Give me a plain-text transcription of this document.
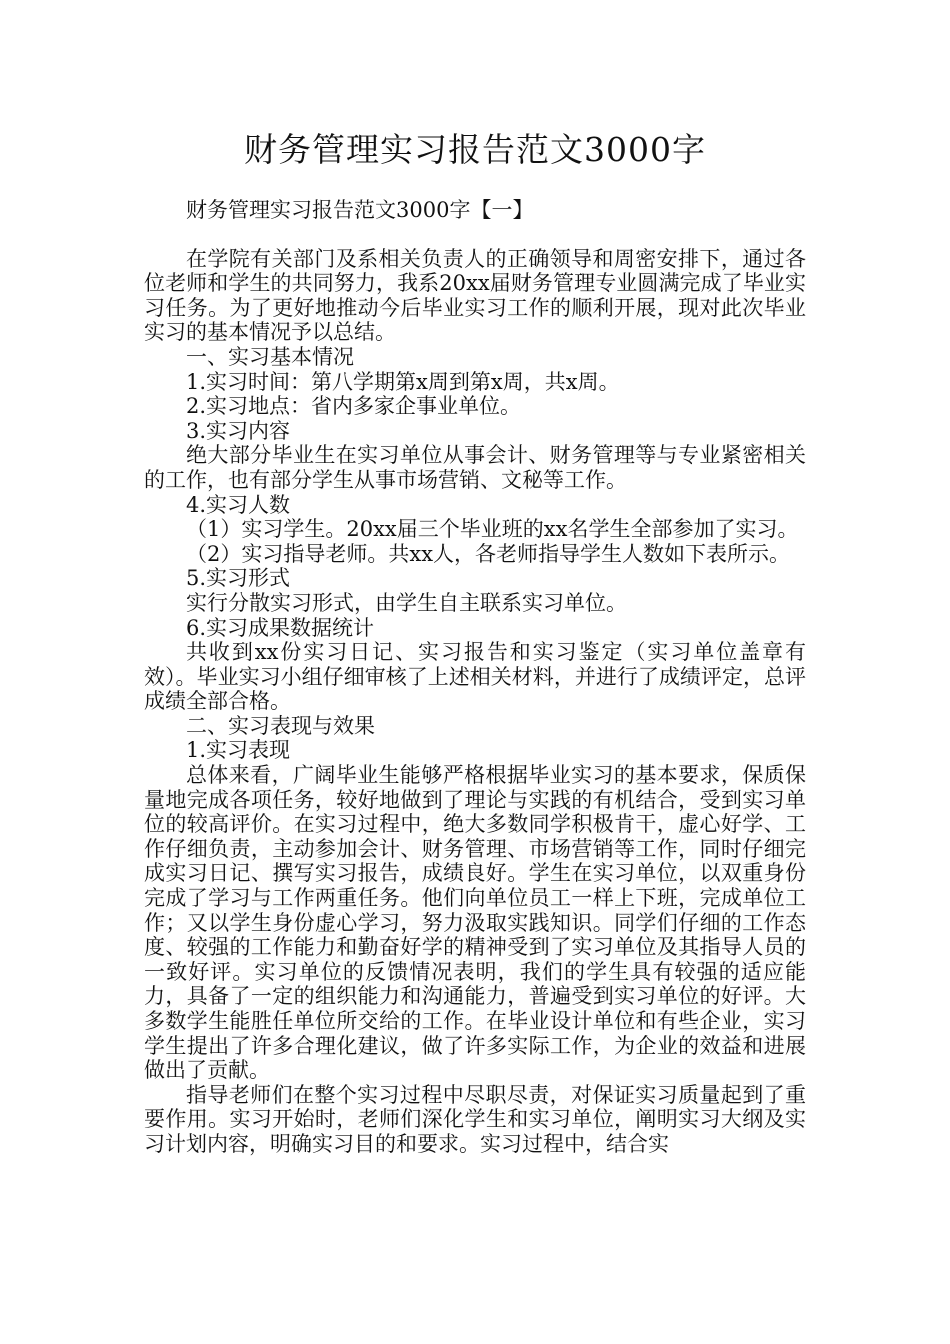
财务管理实习报告范文3000字

财务管理实习报告范文3000字【一】

在学院有关部门及系相关负责人的正确领导和周密安排下，通过各位老师和学生的共同努力，我系20xx届财务管理专业圆满完成了毕业实习任务。为了更好地推动今后毕业实习工作的顺利开展，现对此次毕业实习的基本情况予以总结。

一、实习基本情况

1.实习时间：第八学期第x周到第x周，共x周。

2.实习地点：省内多家企事业单位。

3.实习内容

绝大部分毕业生在实习单位从事会计、财务管理等与专业紧密相关的工作，也有部分学生从事市场营销、文秘等工作。

4.实习人数

（1）实习学生。20xx届三个毕业班的xx名学生全部参加了实习。

（2）实习指导老师。共xx人，各老师指导学生人数如下表所示。

5.实习形式

实行分散实习形式，由学生自主联系实习单位。

6.实习成果数据统计

共收到xx份实习日记、实习报告和实习鉴定（实习单位盖章有效）。毕业实习小组仔细审核了上述相关材料，并进行了成绩评定，总评成绩全部合格。

二、实习表现与效果

1.实习表现

总体来看，广阔毕业生能够严格根据毕业实习的基本要求，保质保量地完成各项任务，较好地做到了理论与实践的有机结合，受到实习单位的较高评价。在实习过程中，绝大多数同学积极肯干，虚心好学、工作仔细负责，主动参加会计、财务管理、市场营销等工作，同时仔细完成实习日记、撰写实习报告，成绩良好。学生在实习单位，以双重身份完成了学习与工作两重任务。他们向单位员工一样上下班，完成单位工作；又以学生身份虚心学习，努力汲取实践知识。同学们仔细的工作态度、较强的工作能力和勤奋好学的精神受到了实习单位及其指导人员的一致好评。实习单位的反馈情况表明，我们的学生具有较强的适应能力，具备了一定的组织能力和沟通能力，普遍受到实习单位的好评。大多数学生能胜任单位所交给的工作。在毕业设计单位和有些企业，实习学生提出了许多合理化建议，做了许多实际工作，为企业的效益和进展做出了贡献。

指导老师们在整个实习过程中尽职尽责，对保证实习质量起到了重要作用。实习开始时，老师们深化学生和实习单位，阐明实习大纲及实习计划内容，明确实习目的和要求。实习过程中，结合实
